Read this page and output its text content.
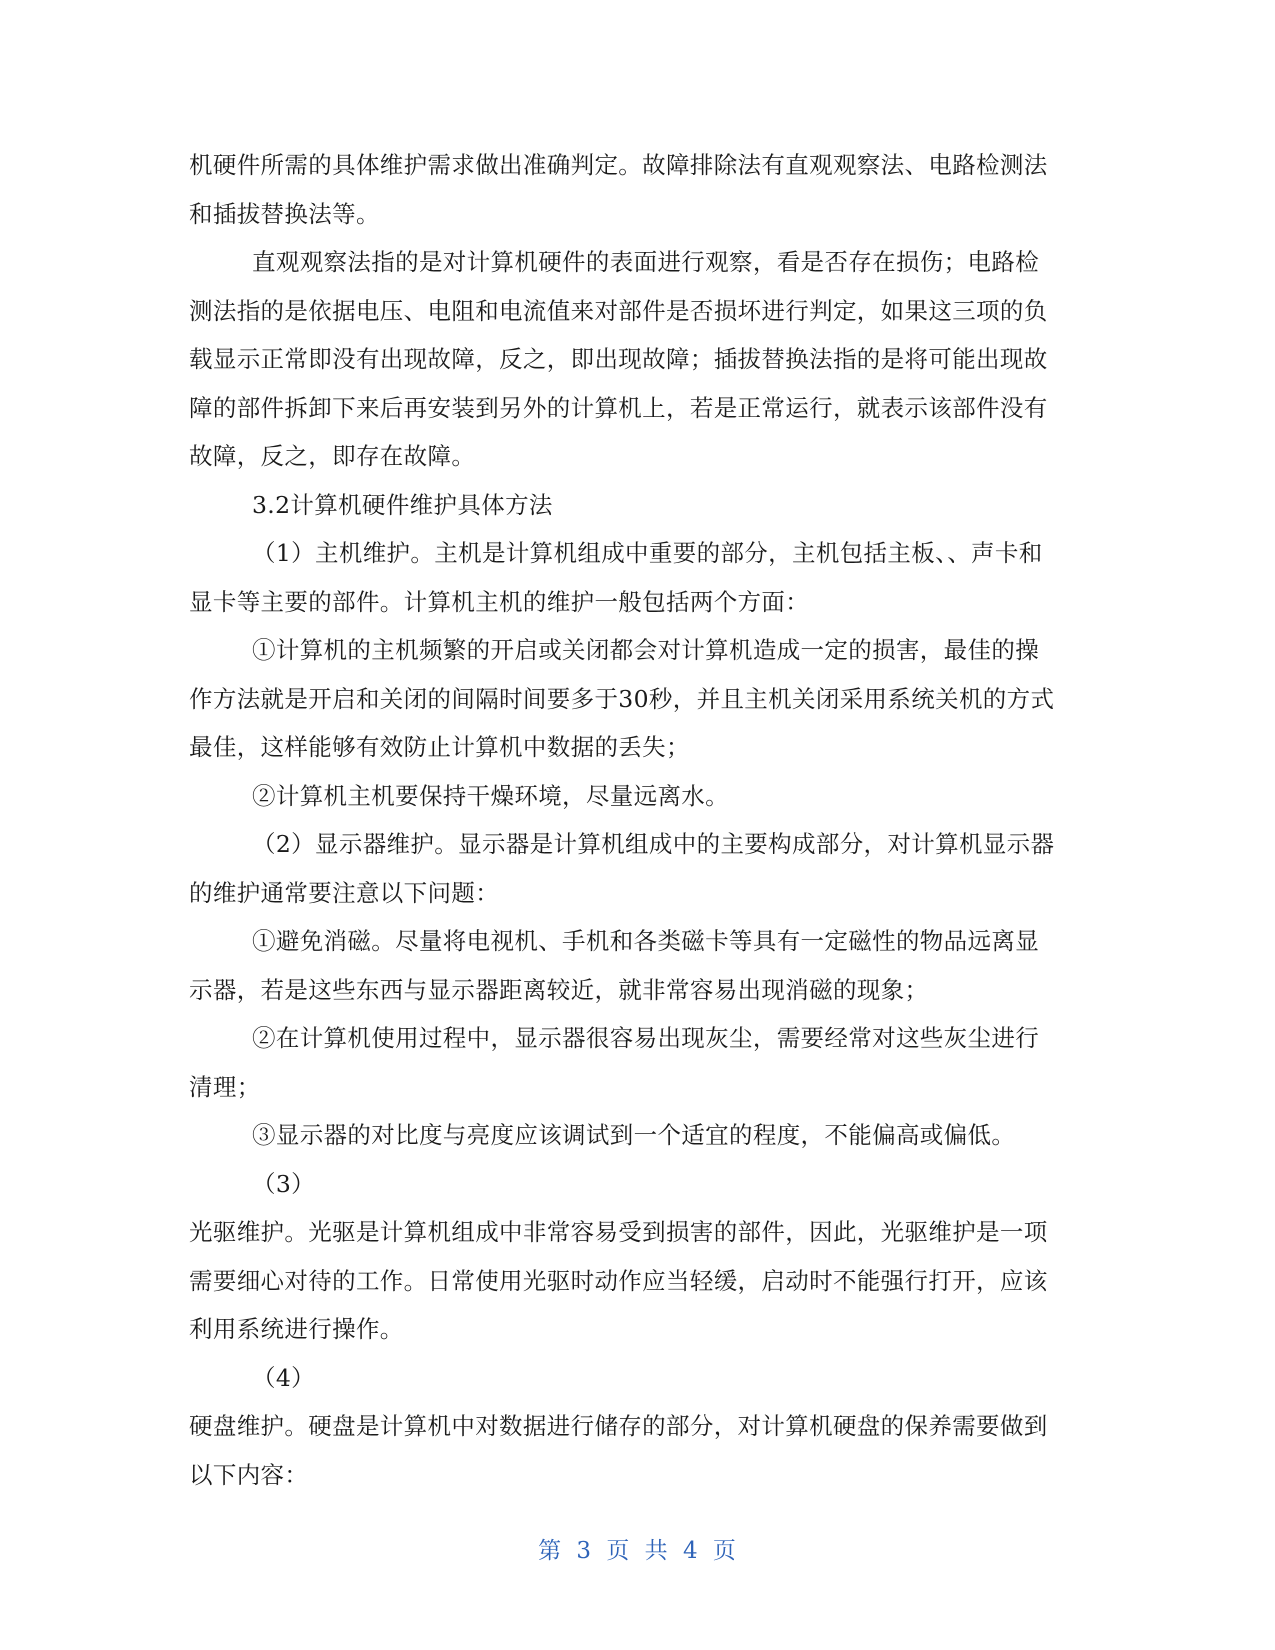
机硬件所需的具体维护需求做出准确判定。故障排除法有直观观察法、电路检测法
和插拔替换法等。
直观观察法指的是对计算机硬件的表面进行观察，看是否存在损伤；电路检
测法指的是依据电压、电阻和电流值来对部件是否损坏进行判定，如果这三项的负
载显示正常即没有出现故障，反之，即出现故障；插拔替换法指的是将可能出现故
障的部件拆卸下来后再安装到另外的计算机上，若是正常运行，就表示该部件没有
故障，反之，即存在故障。
3.2计算机硬件维护具体方法
（1）主机维护。主机是计算机组成中重要的部分，主机包括主板、、声卡和
显卡等主要的部件。计算机主机的维护一般包括两个方面：
①计算机的主机频繁的开启或关闭都会对计算机造成一定的损害，最佳的操
作方法就是开启和关闭的间隔时间要多于30秒，并且主机关闭采用系统关机的方式
最佳，这样能够有效防止计算机中数据的丢失；
②计算机主机要保持干燥环境，尽量远离水。
（2）显示器维护。显示器是计算机组成中的主要构成部分，对计算机显示器
的维护通常要注意以下问题：
①避免消磁。尽量将电视机、手机和各类磁卡等具有一定磁性的物品远离显
示器，若是这些东西与显示器距离较近，就非常容易出现消磁的现象；
②在计算机使用过程中，显示器很容易出现灰尘，需要经常对这些灰尘进行
清理；
③显示器的对比度与亮度应该调试到一个适宜的程度，不能偏高或偏低。
（3）
光驱维护。光驱是计算机组成中非常容易受到损害的部件，因此，光驱维护是一项
需要细心对待的工作。日常使用光驱时动作应当轻缓，启动时不能强行打开，应该
利用系统进行操作。
（4）
硬盘维护。硬盘是计算机中对数据进行储存的部分，对计算机硬盘的保养需要做到
以下内容：
第 3 页 共 4 页
